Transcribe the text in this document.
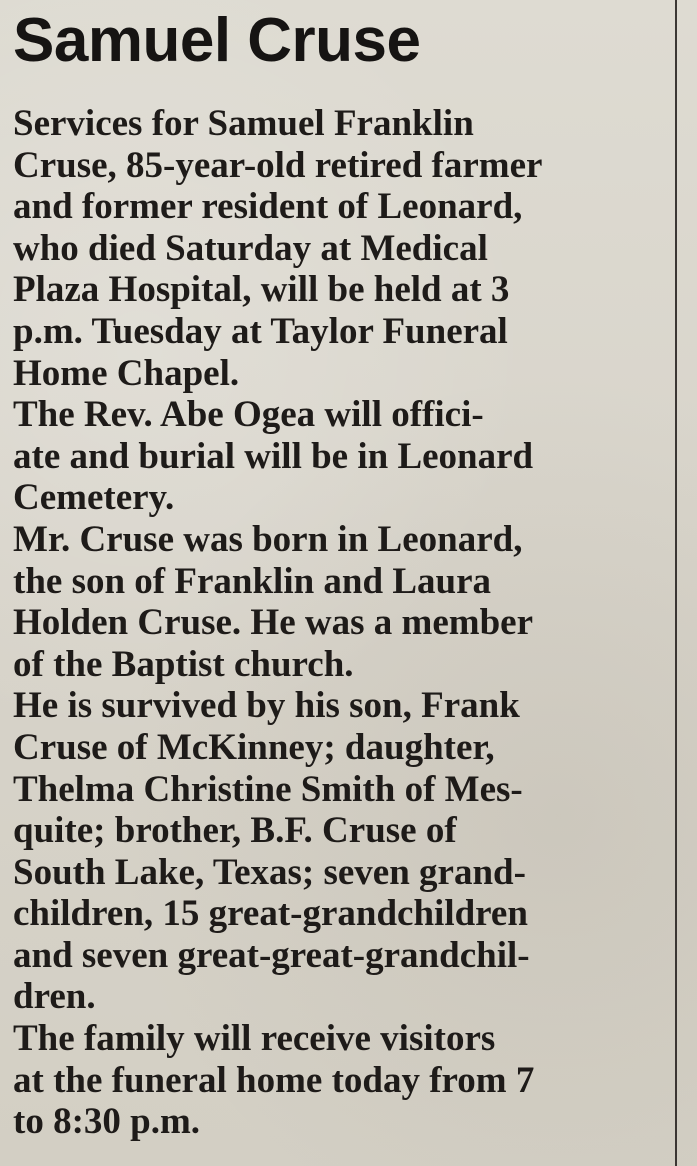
Samuel Cruse

Services for Samuel Franklin
Cruse, 85-year-old retired farmer
and former resident of Leonard,
who died Saturday at Medical
Plaza Hospital, will be held at 3
p.m. Tuesday at Taylor Funeral
Home Chapel.

The Rev. Abe Ogea will offici-
ate and burial will be in Leonard
Cemetery.

Mr. Cruse was born in Leonard,
the son of Franklin and Laura
Holden Cruse. He was a member
of the Baptist church.

He is survived by his son, Frank
Cruse of McKinney; daughter,
Thelma Christine Smith of Mes-
quite; brother, B.F. Cruse of
South Lake, Texas; seven grand-
children, 15 great-grandchildren
and seven great-great-grandchil-
dren.

The family will receive visitors
at the funeral home today from 7
to 8:30 p.m.
